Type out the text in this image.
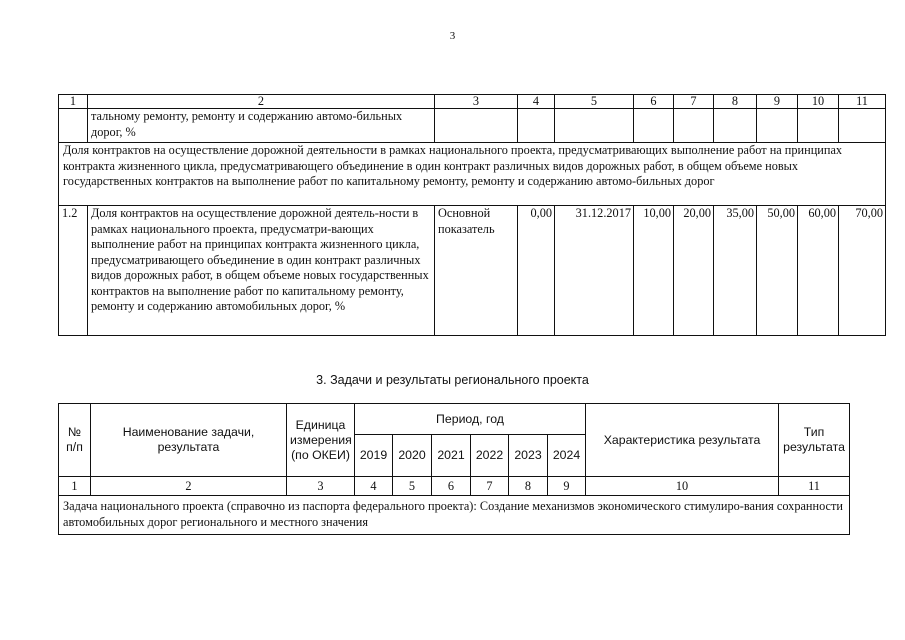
3
1	2	3	4	5	6	7	8	9	10	11
	тальному ремонту, ремонту и содержанию автомо-бильных дорог, %									
Доля контрактов на осуществление дорожной деятельности в рамках национального проекта, предусматривающих выполнение работ на принципах контракта жизненного цикла, предусматривающего объединение в один контракт различных видов дорожных работ, в общем объеме новых государственных контрактов на выполнение работ по капитальному ремонту, ремонту и содержанию автомо-бильных дорог										
1.2	Доля контрактов на осуществление дорожной деятель-ности в рамках национального проекта, предусматри-вающих выполнение работ на принципах контракта жизненного цикла, предусматривающего объединение в один контракт различных видов дорожных работ, в общем объеме новых государственных контрактов на выполнение работ по капитальному ремонту, ремонту и содержанию автомобильных дорог, %	Основной показатель	0,00	31.12.2017	10,00	20,00	35,00	50,00	60,00	70,00
3. Задачи и результаты регионального проекта
№ п/п	Наименование задачи, результата	Единица измерения (по ОКЕИ)	Период, год						Характеристика результата	Тип результата
			2019	2020	2021	2022	2023	2024		
1	2	3	4	5	6	7	8	9	10	11
Задача национального проекта (справочно из паспорта федерального проекта): Создание механизмов экономического стимулиро-вания сохранности автомобильных дорог регионального и местного значения										
